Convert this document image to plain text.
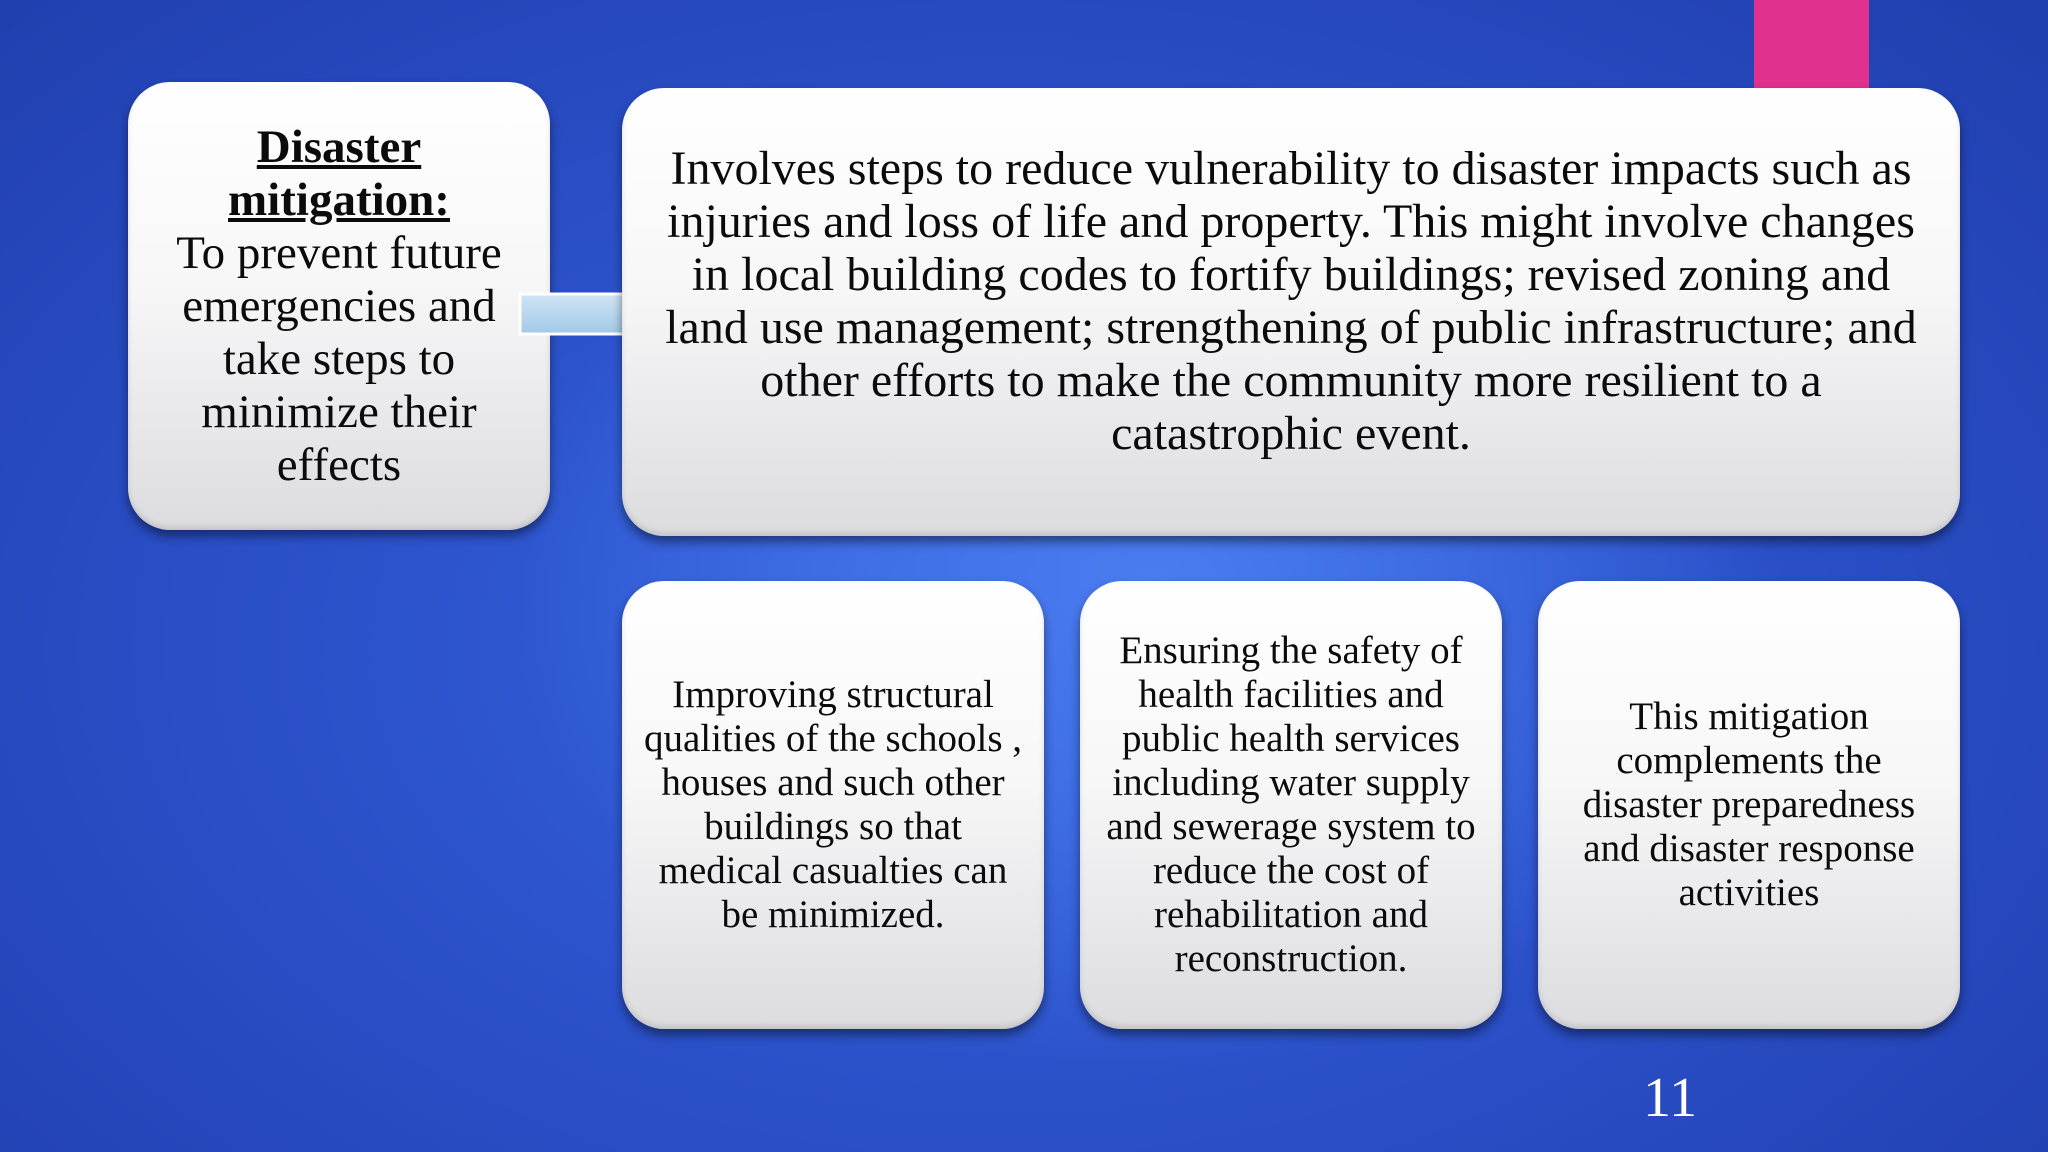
Disaster mitigation:
To prevent future emergencies and take steps to minimize their effects
Involves steps to reduce vulnerability to disaster impacts such as injuries and loss of life and property. This might involve changes in local building codes to fortify buildings; revised zoning and land use management; strengthening of public infrastructure; and other efforts to make the community more resilient to a catastrophic event.
Improving structural qualities of the schools , houses and such other buildings so that medical casualties can be minimized.
Ensuring the safety of health facilities and public health services including water supply and sewerage system to reduce the cost of rehabilitation and reconstruction.
This mitigation complements the disaster preparedness and disaster response activities
11
